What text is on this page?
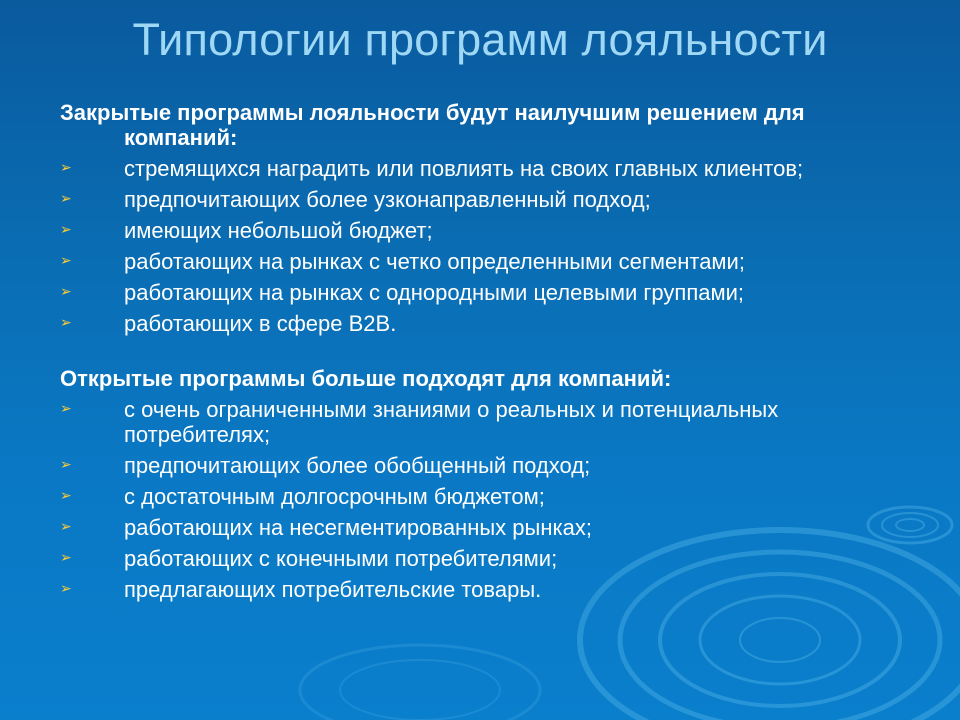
Типологии программ лояльности
Закрытые программы лояльности будут наилучшим решением для компаний:
➢ стремящихся наградить или повлиять на своих главных клиентов;
➢ предпочитающих более узконаправленный подход;
➢ имеющих небольшой бюджет;
➢ работающих на рынках с четко определенными сегментами;
➢ работающих на рынках с однородными целевыми группами;
➢ работающих в сфере B2B.
Открытые программы больше подходят для компаний:
➢ с очень ограниченными знаниями о реальных и потенциальных потребителях;
➢ предпочитающих более обобщенный подход;
➢ с достаточным долгосрочным бюджетом;
➢ работающих на несегментированных рынках;
➢ работающих с конечными потребителями;
➢ предлагающих потребительские товары.
